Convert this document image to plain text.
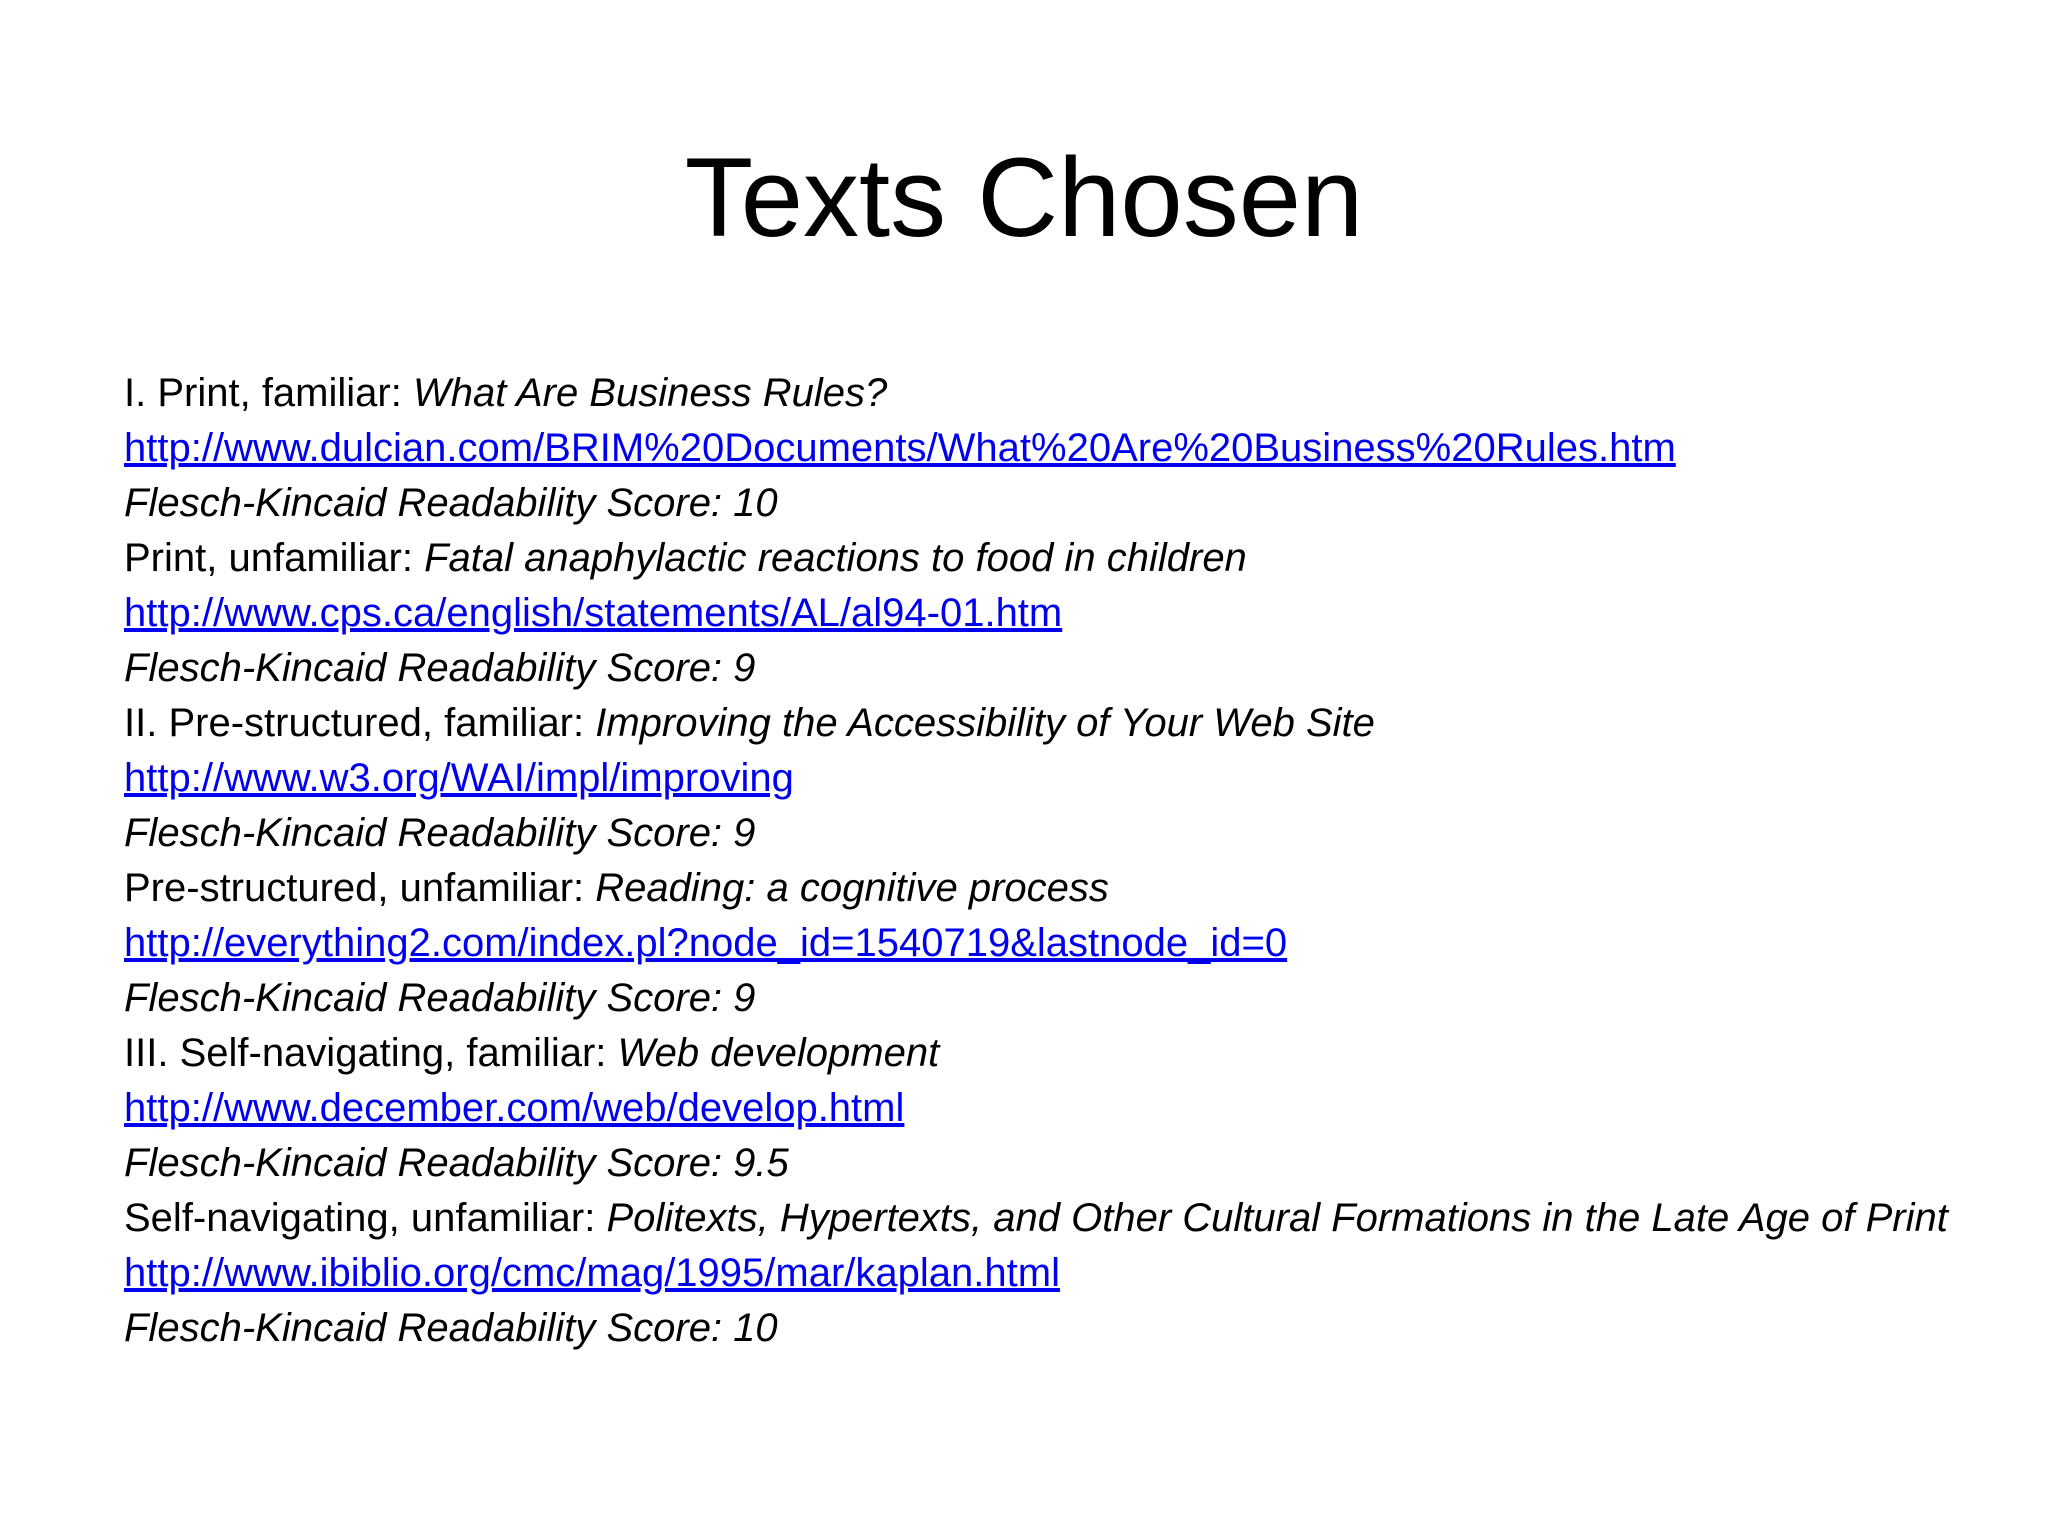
Texts Chosen

I. Print, familiar: What Are Business Rules?

http://www.dulcian.com/BRIM%20Documents/What%20Are%20Business%20Rules.htm

Flesch-Kincaid Readability Score: 10

Print, unfamiliar: Fatal anaphylactic reactions to food in children

http://www.cps.ca/english/statements/AL/al94-01.htm

Flesch-Kincaid Readability Score: 9

II. Pre-structured, familiar: Improving the Accessibility of Your Web Site

http://www.w3.org/WAI/impl/improving

Flesch-Kincaid Readability Score: 9

Pre-structured, unfamiliar: Reading: a cognitive process

http://everything2.com/index.pl?node_id=1540719&lastnode_id=0

Flesch-Kincaid Readability Score: 9

III. Self-navigating, familiar: Web development

http://www.december.com/web/develop.html

Flesch-Kincaid Readability Score: 9.5

Self-navigating, unfamiliar: Politexts, Hypertexts, and Other Cultural Formations in the Late Age of Print

http://www.ibiblio.org/cmc/mag/1995/mar/kaplan.html

Flesch-Kincaid Readability Score: 10
